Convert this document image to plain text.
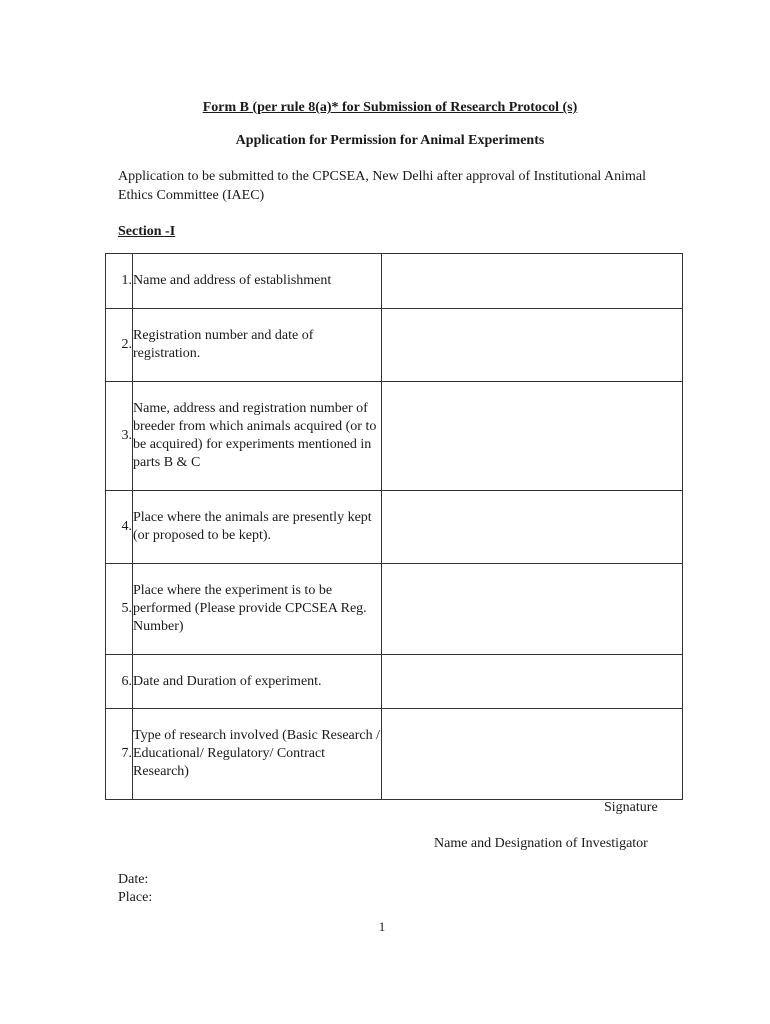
Form B (per rule 8(a)* for Submission of Research Protocol (s)
Application for Permission for Animal Experiments
Application to be submitted to the CPCSEA, New Delhi after approval of Institutional Animal Ethics Committee (IAEC)
Section -I
1.	Name and address of establishment	
2.	Registration number and date of registration.	
3.	Name, address and registration number of breeder from which animals acquired (or to be acquired) for experiments mentioned in parts B & C	
4.	Place where the animals are presently kept (or proposed to be kept).	
5.	Place where the experiment is to be performed (Please provide CPCSEA Reg. Number)	
6.	Date and Duration of experiment.	
7.	Type of research involved (Basic Research / Educational/ Regulatory/ Contract Research)	
Signature
Name and Designation of Investigator
Date:
Place:
1
